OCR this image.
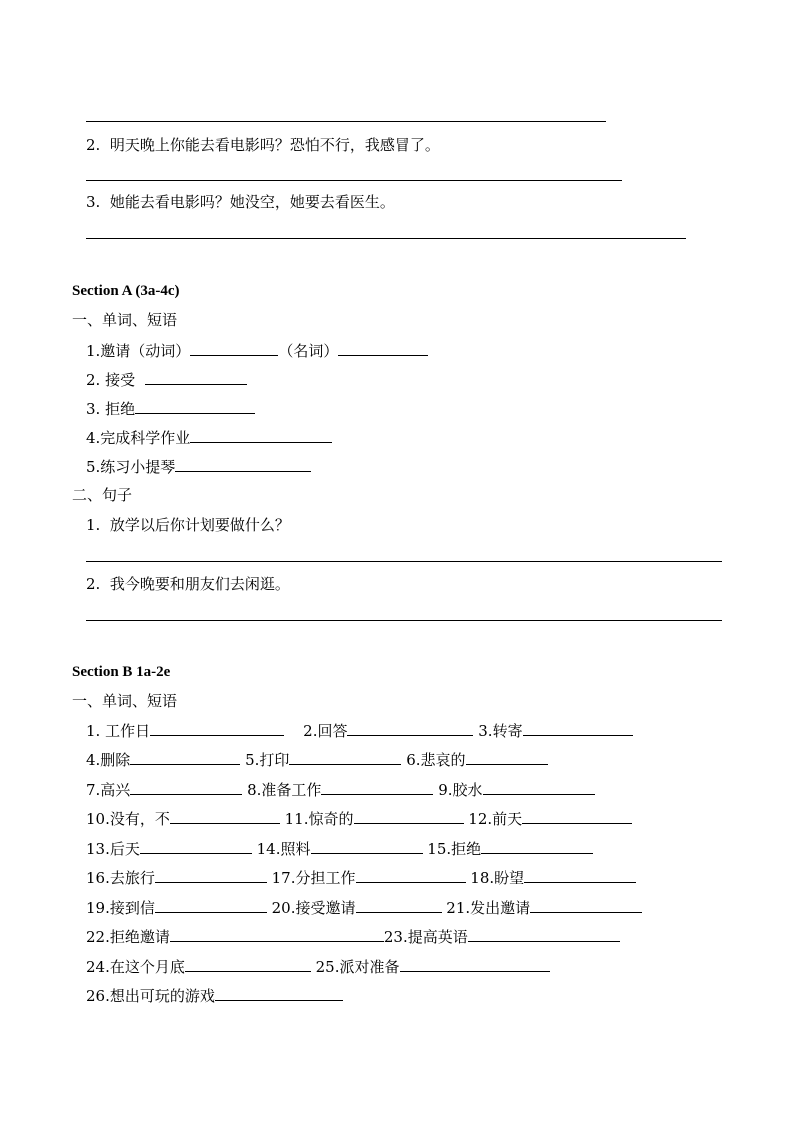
2. 明天晚上你能去看电影吗？恐怕不行，我感冒了。
3. 她能去看电影吗？她没空，她要去看医生。
Section A (3a-4c)
一、单词、短语
1.邀请（动词）	（名词）
2. 接受
3. 拒绝
4.完成科学作业
5.练习小提琴
二、句子
1. 放学以后你计划要做什么？
2. 我今晚要和朋友们去闲逛。
Section B 1a-2e
一、单词、短语
1. 工作日	2.回答	3.转寄
4.删除	5.打印	6.悲哀的
7.高兴	8.准备工作	9.胶水
10.没有，不	11.惊奇的	12.前天
13.后天	14.照料	15.拒绝
16.去旅行	17.分担工作	18.盼望
19.接到信	20.接受邀请	21.发出邀请
22.拒绝邀请	23.提高英语
24.在这个月底	25.派对准备
26.想出可玩的游戏
